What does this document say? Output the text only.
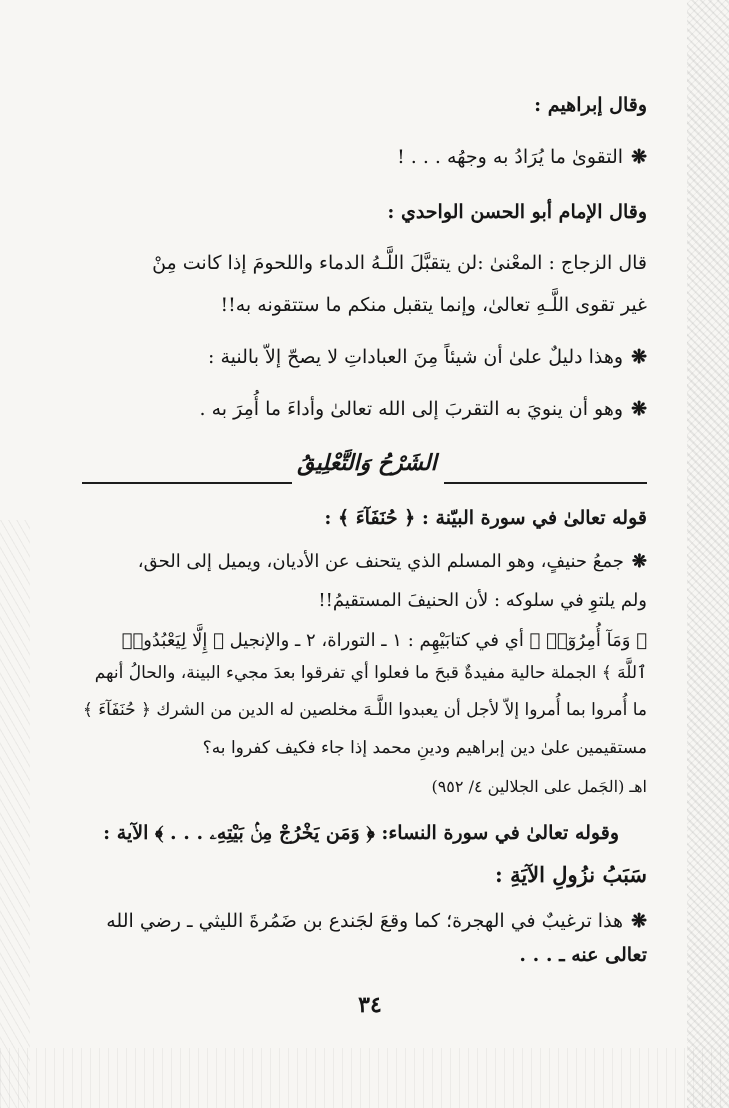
وقال إبراهيم :
❋التقوىٰ ما يُرَادُ به وجهُه . . . !
وقال الإمام أبو الحسن الواحدي :
قال الزجاج : المعْنىٰ :لن يتقبَّلَ اللَّـهُ الدماء واللحومَ إذا كانت مِنْ
غير تقوى اللَّـهِ تعالىٰ، وإنما يتقبل منكم ما ستتقونه به!!
❋وهذا دليلٌ علىٰ أن شيئاً مِنَ العباداتِ لا يصحّ إلاّ بالنية :
❋وهو أن ينويَ به التقربَ إلى الله تعالىٰ وأداءَ ما أُمِرَ به .
الشَرْحُ وَالتَّعْلِيقُ
قوله تعالىٰ في سورة البيّنة : ﴿ حُنَفَآءَ ﴾ :
❋جمعُ حنيفٍ، وهو المسلم الذي يتحنف عن الأديان، ويميل إلى الحق،
ولم يلتوِ في سلوكه : لأن الحنيفَ المستقيمُ!!
﴿ وَمَآ أُمِرُوٓا۟ ﴾ أي في كتابَيْهِم : ١ ـ التوراة، ٢ ـ والإنجيل ﴿ إِلَّا لِيَعْبُدُوا۟
ٱللَّهَ ﴾ الجملة حالية مفيدةٌ قبحَ ما فعلوا أي تفرقوا بعدَ مجيء البينة، والحالُ أنهم
ما أُمروا بما أُمروا إلاّ لأجل أن يعبدوا اللَّـهَ مخلصين له الدين من الشرك ﴿ حُنَفَآءَ ﴾
مستقيمين علىٰ دين إبراهيم ودينِ محمد إذا جاء فكيف كفروا به؟
اهـ (الجَمل على الجلالين ٤/ ٩٥٢)
وقوله تعالىٰ في سورة النساء: ﴿ وَمَن يَخْرُجْ مِنۢ بَيْتِهِۦ . . . ﴾ الآية :
سَبَبُ نزُولِ الآيَةِ :
❋هذا ترغيبٌ في الهجرة؛ كما وقعَ لجَندع بن ضَمُرةَ الليثي ـ رضي الله
تعالى عنه ـ . . .
٣٤
